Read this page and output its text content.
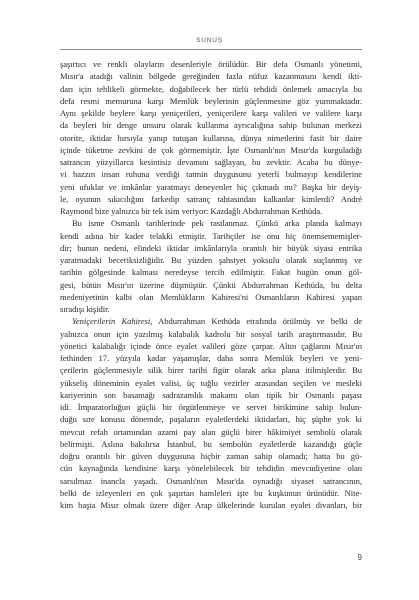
SUNUŞ

şaşırtıcı ve renkli olayların desenleriyle örülüdür. Bir defa Osmanlı yönetimi,
Mısır'a atadığı valinin bölgede gereğinden fazla nüfuz kazanmasını kendi ikti-
darı için tehlikeli görmekte, doğabilecek her türlü tehdidi önlemek amacıyla bu
defa resmi memuruna karşı Memlük beylerinin güçlenmesine göz yummaktadır.
Aynı şekilde beylere karşı yeniçerileri, yeniçerilere karşı valileri ve valilere karşı
da beyleri bir denge unsuru olarak kullanma ayrıcalığına sahip bulunan merkezi
otorite, iktidar hırsıyla yanıp tutuşan kullarına, dünya nimetlerini fasit bir daire
içinde tüketme zevkini de çok görmemiştir. İşte Osmanlı'nın Mısır'da kurguladığı
satrancın yüzyıllarca kesintisiz devamını sağlayan, bu zevktir. Acaba bu dünye-
vi hazzın insan ruhuna verdiği tatmin duygusunu yeterli bulmayıp kendilerine
yeni ufuklar ve imkânlar yaratmayı deneyenler hiç çıkmadı mı? Başka bir deyiş-
le, oyunun sıkıcılığını farkedip satranç tahtasından kalkanlar kimlerdi? André
Raymond bize yalnızca bir tek isim veriyor: Kazdağlı Abdurrahman Kethüda.

Bu isme Osmanlı tarihlerinde pek rastlanmaz. Çünkü arka planda kalmayı
kendi adına bir kader telakki etmiştir. Tarihçiler ise onu hiç önemsememişler-
dir; bunun nedeni, elindeki iktidar imkânlarıyla orantılı bir büyük siyasi entrika
yaratmadaki beceriksizliğidir. Bu yüzden şahsiyet yoksulu olarak suçlanmış ve
tarihin gölgesinde kalması neredeyse tercih edilmiştir. Fakat bugün onun göl-
gesi, bütün Mısır'ın üzerine düşmüştür. Çünkü Abdurrahman Kethüda, bu delta
medeniyetinin kalbi olan Memlükların Kahiresi'ni Osmanlıların Kahiresi yapan
sıradışı kişidir.

Yeniçerilerin Kahiresi, Abdurrahman Kethüda etrafında örülmüş ve belki de
yalnızca onun için yazılmış kalabalık kadrolu bir sosyal tarih araştırmasıdır. Bu
yönetici kalabalığı içinde önce eyalet valileri göze çarpar. Altın çağlarını Mısır'ın
fethinden 17. yüzyıla kadar yaşamışlar, daha sonra Memlük beyleri ve yeni-
çerilerin güçlenmesiyle silik birer tarihi figür olarak arka plana itilmişlerdir. Bu
yükseliş döneminin eyalet valisi, üç tuğlu vezirler arasından seçilen ve mesleki
kariyerinin son basamağı sadrazamlık makamı olan tipik bir Osmanlı paşası
idi. İmparatorluğun güçlü bir örgütlenmeye ve servet birikimine sahip bulun-
duğu sıre konusu dönemde, paşaların eyaletlerdeki iktidarları, hiç şüphe yok ki
mevcut refah ortamından azami pay alan güçlü birer hâkimiyet sembolü olarak
belirmişti. Aslına bakılırsa İstanbul, bu sembolün eyaletlerde kazandığı güçle
doğru orantılı bir güven duygusuna hiçbir zaman sahip olamadı; hatta bu gü-
cün kaynağında kendisine karşı yönelebilecek bir tehdidin mevcudiyetine olan
sarsılmaz inancla yaşadı. Osmanlı'nın Mısır'da oynadığı siyaset satrancının,
belki de izleyenleri en çok şaşırtan hamleleri işte bu kuşkunun ürünüdür. Nite-
kim başta Mısır olmak üzere diğer Arap ülkelerinde kurulan eyalet divanları, bir

9
